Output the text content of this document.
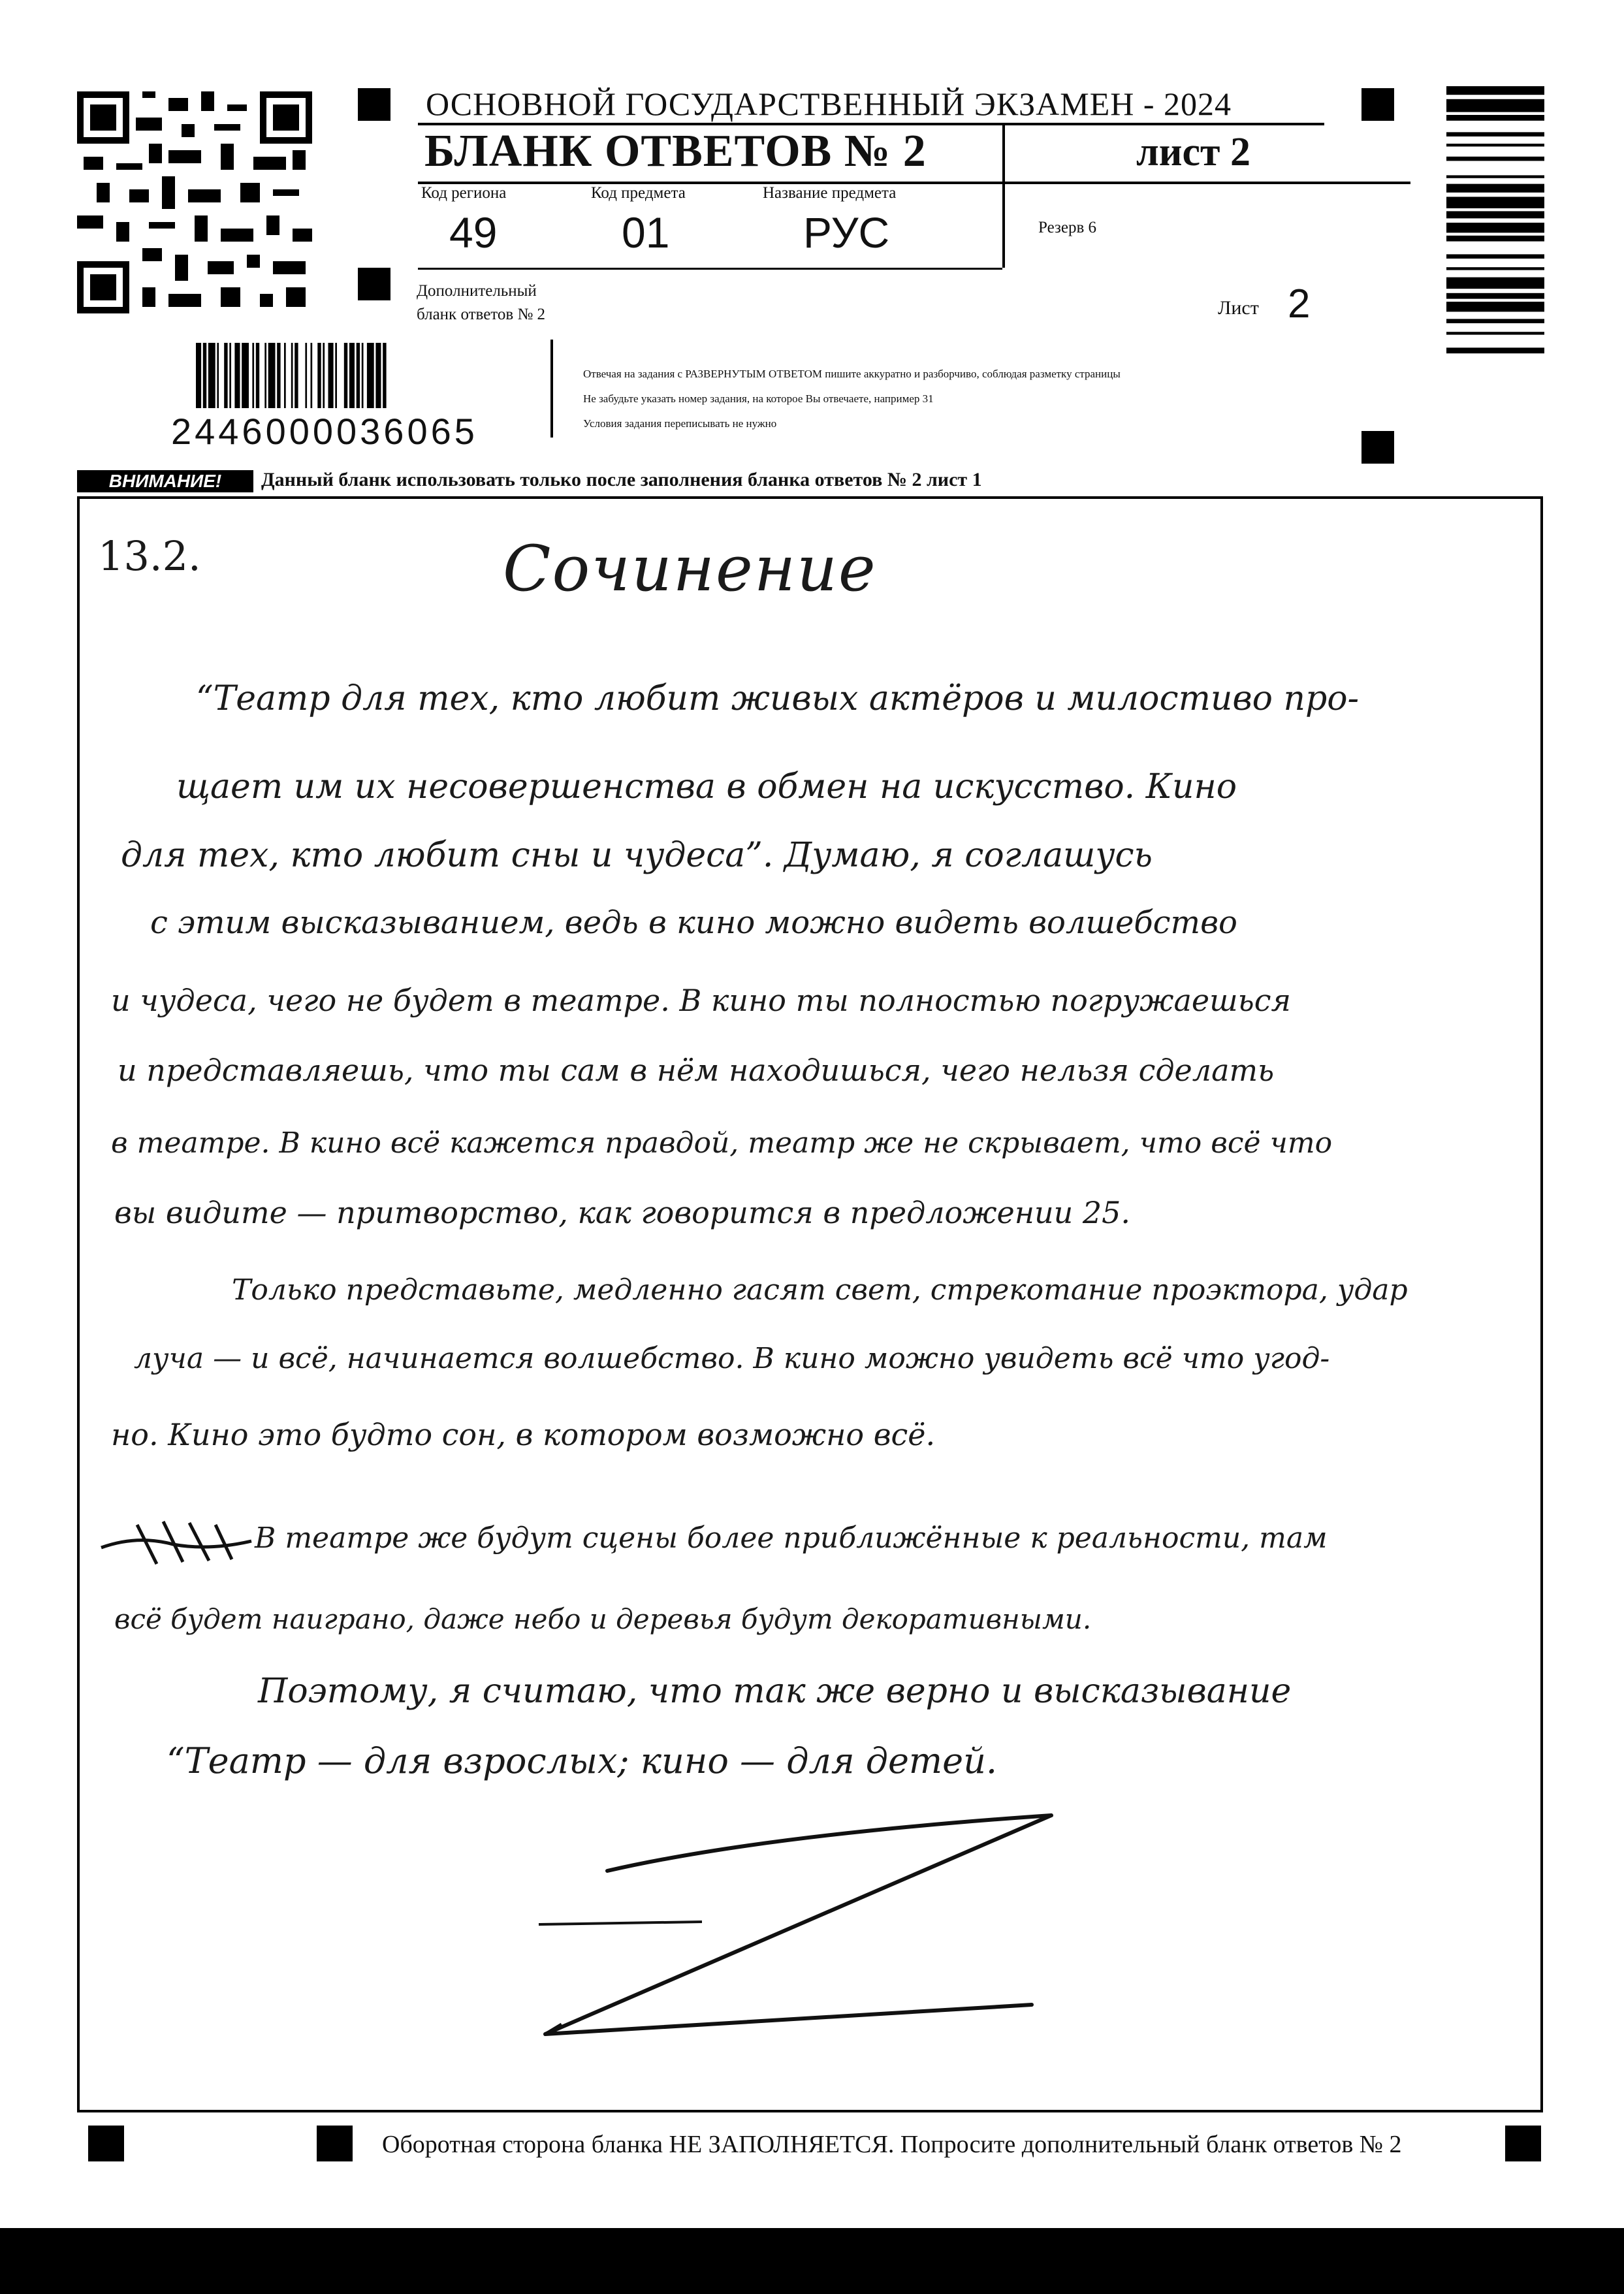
ОСНОВНОЙ ГОСУДАРСТВЕННЫЙ ЭКЗАМЕН - 2024
БЛАНК ОТВЕТОВ № 2	лист 2
Код региона
49
Код предмета
01
Название предмета
РУС	Резерв 6
Дополнительный
бланк ответов № 2	Лист 2
2446000036065
Отвечая на задания с РАЗВЕРНУТЫМ ОТВЕТОМ пишите аккуратно и разборчиво, соблюдая разметку страницы
Не забудьте указать номер задания, на которое Вы отвечаете, например 31
Условия задания переписывать не нужно
ВНИМАНИЕ!	Данный бланк использовать только после заполнения бланка ответов № 2 лист 1
13.2.	Сочинение
“Театр для тех, кто любит живых актёров и милостиво про-
щает им их несовершенства в обмен на искусство. Кино
для тех, кто любит сны и чудеса”. Думаю, я соглашусь
с этим высказыванием, ведь в кино можно видеть волшебство
и чудеса, чего не будет в театре. В кино ты полностью погружаешься
и представляешь, что ты сам в нём находишься, чего нельзя сделать
в театре. В кино всё кажется правдой, театр же не скрывает, что всё что
вы видите — притворство, как говорится в предложении 25.
Только представьте, медленно гасят свет, стрекотание проэктора, удар
луча — и всё, начинается волшебство. В кино можно увидеть всё что угод-
но. Кино это будто сон, в котором возможно всё.
В театре же будут сцены более приближённые к реальности, там
всё будет наиграно, даже небо и деревья будут декоративными.
Поэтому, я считаю, что так же верно и высказывание
“Театр — для взрослых; кино — для детей.
Оборотная сторона бланка НЕ ЗАПОЛНЯЕТСЯ. Попросите дополнительный бланк ответов № 2
